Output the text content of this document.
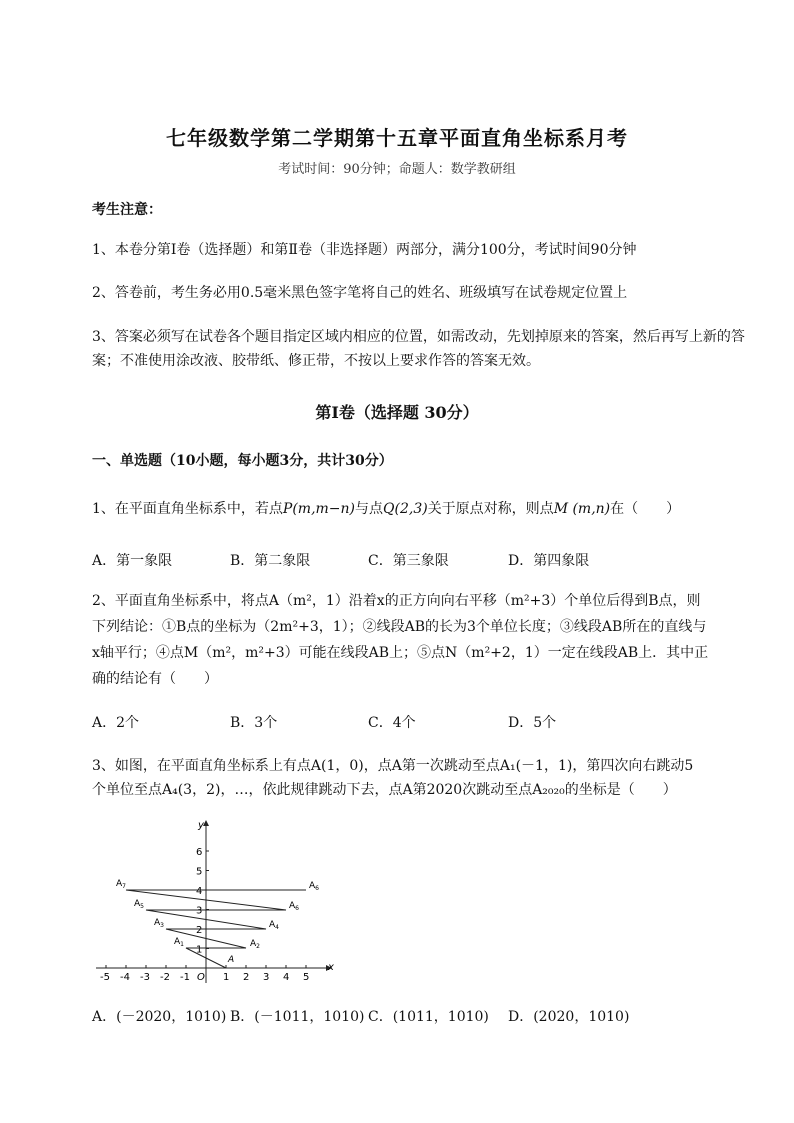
七年级数学第二学期第十五章平面直角坐标系月考
考试时间：90分钟；命题人：数学教研组
考生注意：
1、本卷分第Ⅰ卷（选择题）和第Ⅱ卷（非选择题）两部分，满分100分，考试时间90分钟
2、答卷前，考生务必用0.5毫米黑色签字笔将自己的姓名、班级填写在试卷规定位置上
3、答案必须写在试卷各个题目指定区域内相应的位置，如需改动，先划掉原来的答案，然后再写上新的答案；不准使用涂改液、胶带纸、修正带，不按以上要求作答的答案无效。
第Ⅰ卷（选择题 30分）
一、单选题（10小题，每小题3分，共计30分）
1、在平面直角坐标系中，若点P(m,m−n)与点Q(2,3)关于原点对称，则点M (m,n)在（　　）
A．第一象限	B．第二象限	C．第三象限	D．第四象限
2、平面直角坐标系中，将点A（m²，1）沿着x的正方向向右平移（m²+3）个单位后得到B点，则
下列结论：①B点的坐标为（2m²+3，1）；②线段AB的长为3个单位长度；③线段AB所在的直线与
x轴平行；④点M（m²，m²+3）可能在线段AB上；⑤点N（m²+2，1）一定在线段AB上．其中正
确的结论有（　　）
A．2个	B．3个	C．4个	D．5个
3、如图，在平面直角坐标系上有点A(1，0)，点A第一次跳动至点A₁(－1，1)，第四次向右跳动5
个单位至点A₄(3，2)，…，依此规律跳动下去，点A第2020次跳动至点A₂₀₂₀的坐标是（　　）
-5 -4 -3 -2 -1 O 1 2 3 4 5
1
2
3
4
5
6
A
$A_1$	$A_2$
$A_3$	$A_4$
$A_5$	$A_6$
$A_7$	$A_6$
x
y
A．(－2020，1010) B．(－1011，1010) C．(1011，1010) D．(2020，1010)
